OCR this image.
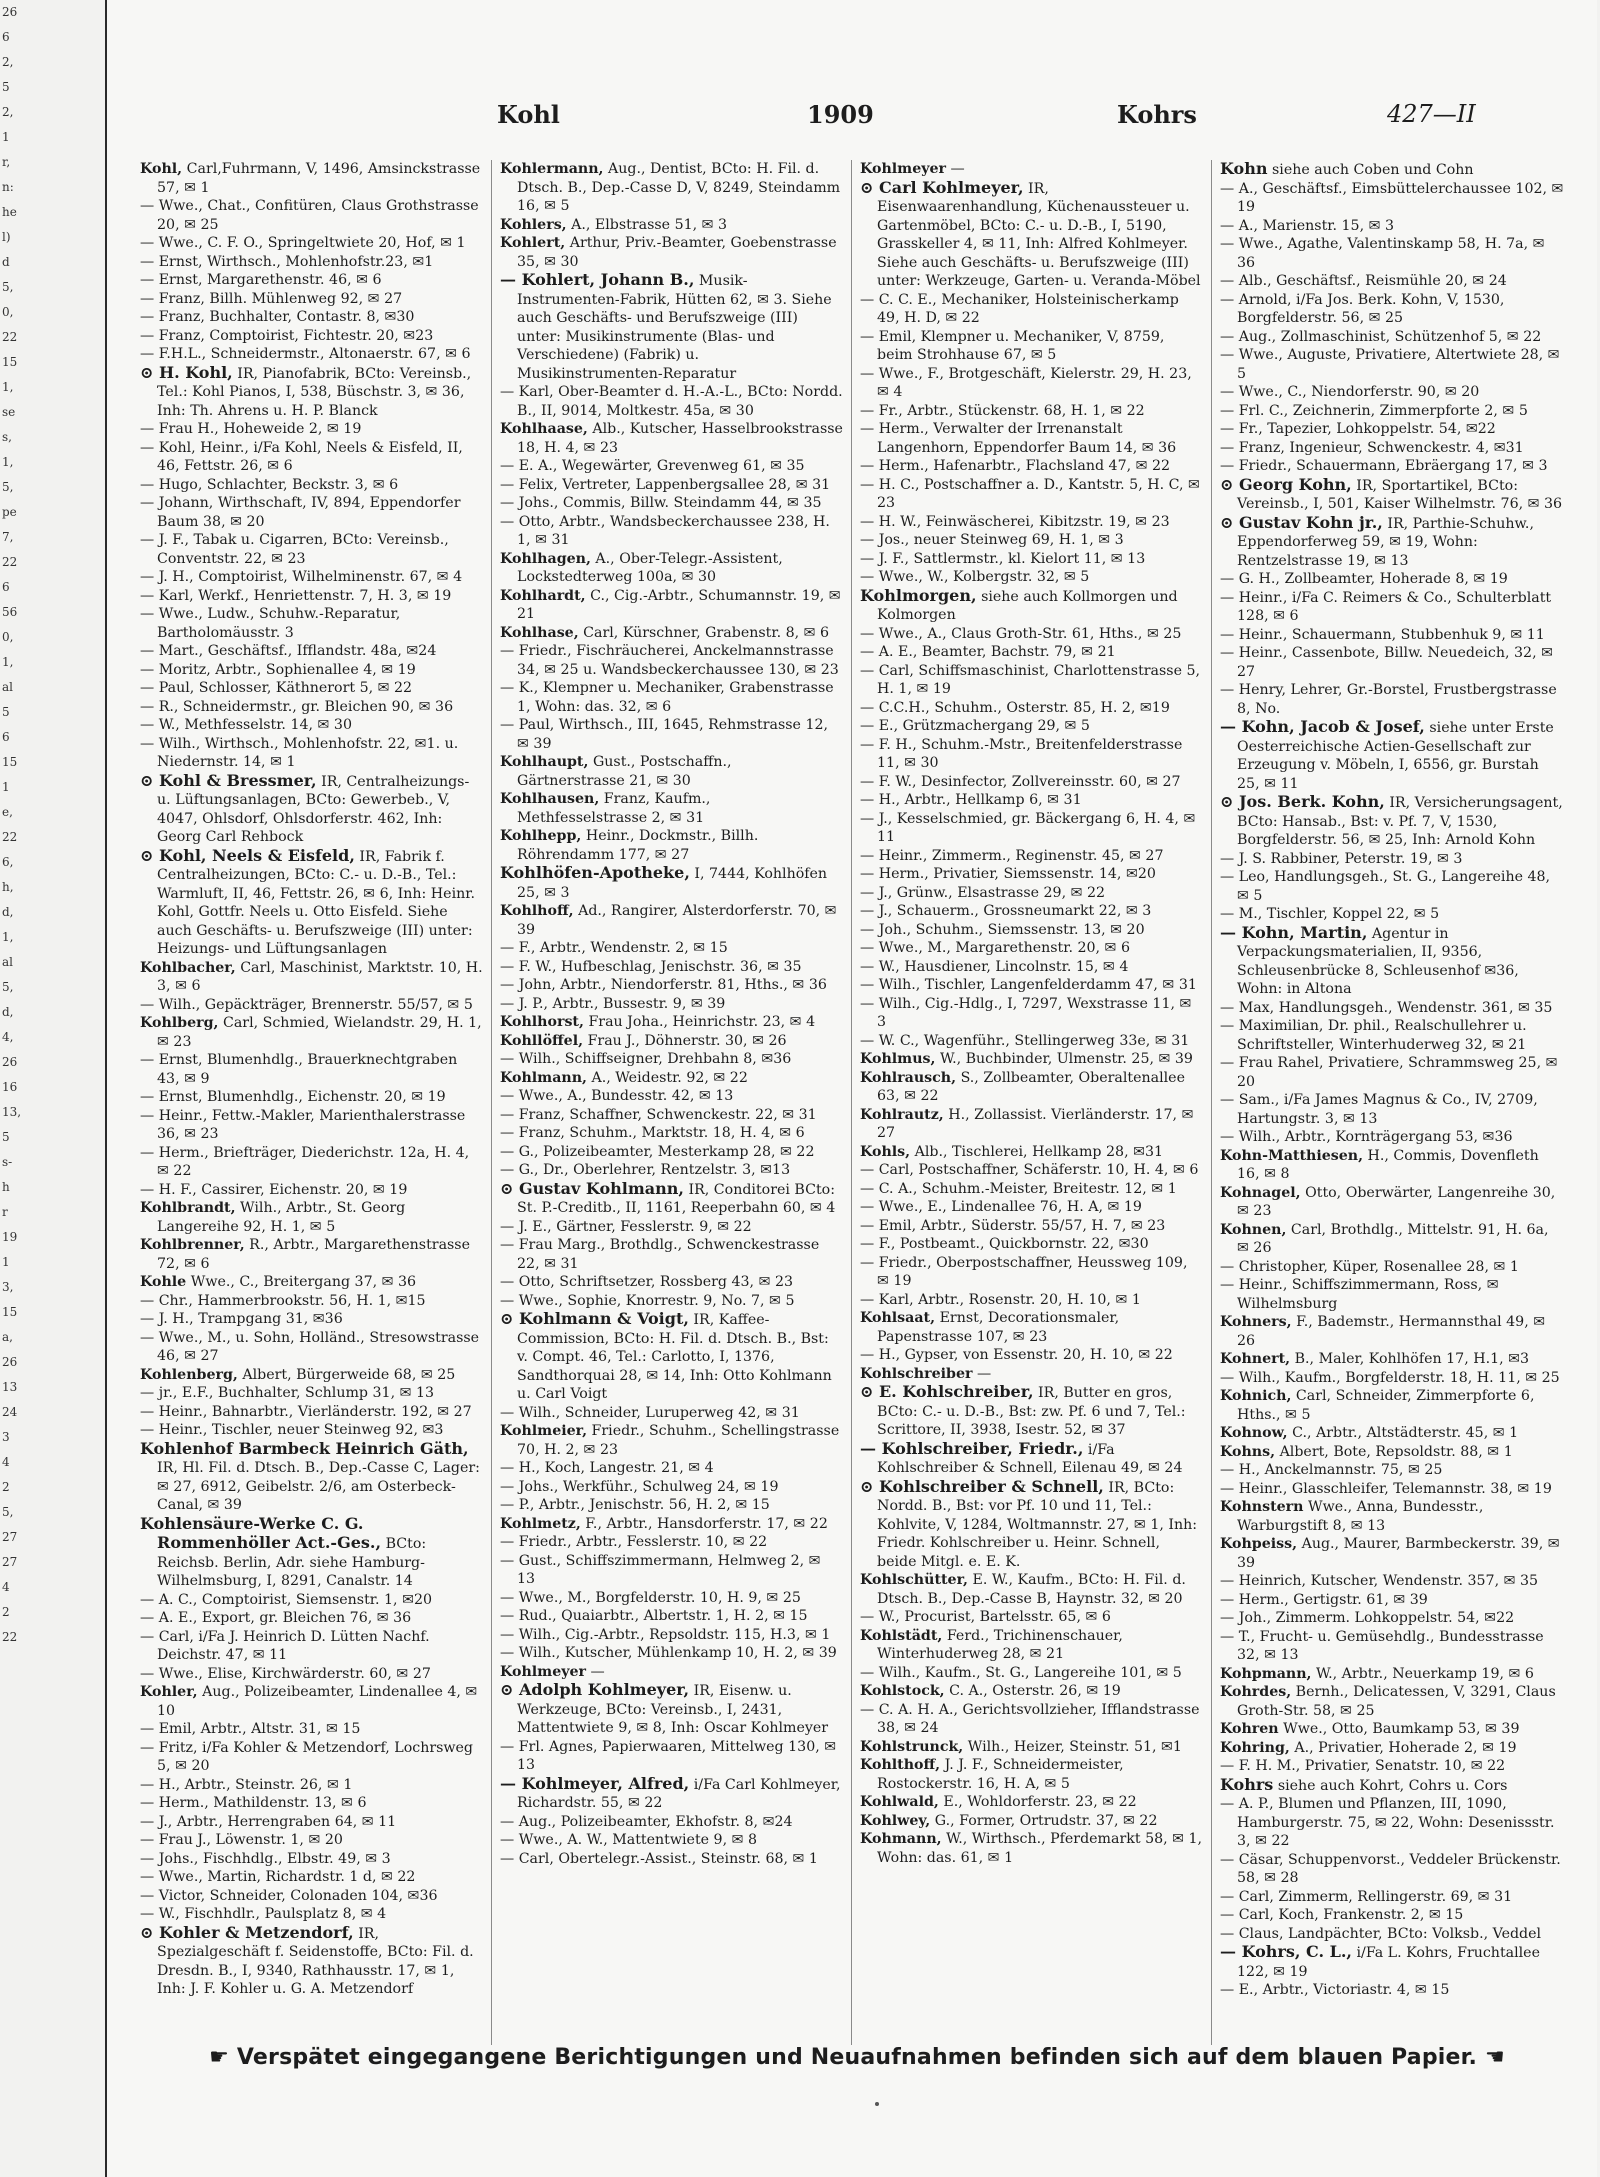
26
6
2,
5
2,
1
r,
n:
he
l)
d
5,
0,
22
15
1,
se
s,
1,
5,
pe
7,
22
6
56
0,
1,
al
5
6
15
1
e,
22
6,
h,
d,
1,
al
5,
d,
4,
26
16
13,
5
s-
h
r
19
1
3,
15
a,
26
13
24
3
4
2
5,
27
27
4
2
22
Kohl	1909	Kohrs	427—II
Kohl, Carl,Fuhrmann, V, 1496, Amsinckstrasse 57, ✉ 1
— Wwe., Chat., Confitüren, Claus Grothstrasse 20, ✉ 25
— Wwe., C. F. O., Springeltwiete 20, Hof, ✉ 1
— Ernst, Wirthsch., Mohlenhofstr.23, ✉1
— Ernst, Margarethenstr. 46, ✉ 6
— Franz, Billh. Mühlenweg 92, ✉ 27
— Franz, Buchhalter, Contastr. 8, ✉30
— Franz, Comptoirist, Fichtestr. 20, ✉23
— F.H.L., Schneidermstr., Altonaerstr. 67, ✉ 6
⊙ H. Kohl, IR, Pianofabrik, BCto: Vereinsb., Tel.: Kohl Pianos, I, 538, Büschstr. 3, ✉ 36, Inh: Th. Ahrens u. H. P. Blanck
— Frau H., Hoheweide 2, ✉ 19
— Kohl, Heinr., i/Fa Kohl, Neels & Eisfeld, II, 46, Fettstr. 26, ✉ 6
— Hugo, Schlachter, Beckstr. 3, ✉ 6
— Johann, Wirthschaft, IV, 894, Eppendorfer Baum 38, ✉ 20
— J. F., Tabak u. Cigarren, BCto: Vereinsb., Conventstr. 22, ✉ 23
— J. H., Comptoirist, Wilhelminenstr. 67, ✉ 4
— Karl, Werkf., Henriettenstr. 7, H. 3, ✉ 19
— Wwe., Ludw., Schuhw.-Reparatur, Bartholomäusstr. 3
— Mart., Geschäftsf., Ifflandstr. 48a, ✉24
— Moritz, Arbtr., Sophienallee 4, ✉ 19
— Paul, Schlosser, Käthnerort 5, ✉ 22
— R., Schneidermstr., gr. Bleichen 90, ✉ 36
— W., Methfesselstr. 14, ✉ 30
— Wilh., Wirthsch., Mohlenhofstr. 22, ✉1. u. Niedernstr. 14, ✉ 1
⊙ Kohl & Bressmer, IR, Centralheizungs- u. Lüftungsanlagen, BCto: Gewerbeb., V, 4047, Ohlsdorf, Ohlsdorferstr. 462, Inh: Georg Carl Rehbock
⊙ Kohl, Neels & Eisfeld, IR, Fabrik f. Centralheizungen, BCto: C.- u. D.-B., Tel.: Warmluft, II, 46, Fettstr. 26, ✉ 6, Inh: Heinr. Kohl, Gottfr. Neels u. Otto Eisfeld. Siehe auch Geschäfts- u. Berufszweige (III) unter: Heizungs- und Lüftungsanlagen
Kohlbacher, Carl, Maschinist, Marktstr. 10, H. 3, ✉ 6
— Wilh., Gepäckträger, Brennerstr. 55/57, ✉ 5
Kohlberg, Carl, Schmied, Wielandstr. 29, H. 1, ✉ 23
— Ernst, Blumenhdlg., Brauerknechtgraben 43, ✉ 9
— Ernst, Blumenhdlg., Eichenstr. 20, ✉ 19
— Heinr., Fettw.-Makler, Marienthalerstrasse 36, ✉ 23
— Herm., Briefträger, Diederichstr. 12a, H. 4, ✉ 22
— H. F., Cassirer, Eichenstr. 20, ✉ 19
Kohlbrandt, Wilh., Arbtr., St. Georg Langereihe 92, H. 1, ✉ 5
Kohlbrenner, R., Arbtr., Margarethenstrasse 72, ✉ 6
Kohle Wwe., C., Breitergang 37, ✉ 36
— Chr., Hammerbrookstr. 56, H. 1, ✉15
— J. H., Trampgang 31, ✉36
— Wwe., M., u. Sohn, Holländ., Stresowstrasse 46, ✉ 27
Kohlenberg, Albert, Bürgerweide 68, ✉ 25
— jr., E.F., Buchhalter, Schlump 31, ✉ 13
— Heinr., Bahnarbtr., Vierländerstr. 192, ✉ 27
— Heinr., Tischler, neuer Steinweg 92, ✉3
Kohlenhof Barmbeck Heinrich Gäth, IR, Hl. Fil. d. Dtsch. B., Dep.-Casse C, Lager: ✉ 27, 6912, Geibelstr. 2/6, am Osterbeck-Canal, ✉ 39
Kohlensäure-Werke C. G. Rommenhöller Act.-Ges., BCto: Reichsb. Berlin, Adr. siehe Hamburg-Wilhelmsburg, I, 8291, Canalstr. 14
— A. C., Comptoirist, Siemsenstr. 1, ✉20
— A. E., Export, gr. Bleichen 76, ✉ 36
— Carl, i/Fa J. Heinrich D. Lütten Nachf. Deichstr. 47, ✉ 11
— Wwe., Elise, Kirchwärderstr. 60, ✉ 27
Kohler, Aug., Polizeibeamter, Lindenallee 4, ✉ 10
— Emil, Arbtr., Altstr. 31, ✉ 15
— Fritz, i/Fa Kohler & Metzendorf, Lochrsweg 5, ✉ 20
— H., Arbtr., Steinstr. 26, ✉ 1
— Herm., Mathildenstr. 13, ✉ 6
— J., Arbtr., Herrengraben 64, ✉ 11
— Frau J., Löwenstr. 1, ✉ 20
— Johs., Fischhdlg., Elbstr. 49, ✉ 3
— Wwe., Martin, Richardstr. 1 d, ✉ 22
— Victor, Schneider, Colonaden 104, ✉36
— W., Fischhdlr., Paulsplatz 8, ✉ 4
⊙ Kohler & Metzendorf, IR, Spezialgeschäft f. Seidenstoffe, BCto: Fil. d. Dresdn. B., I, 9340, Rathhausstr. 17, ✉ 1, Inh: J. F. Kohler u. G. A. Metzendorf
Kohlermann, Aug., Dentist, BCto: H. Fil. d. Dtsch. B., Dep.-Casse D, V, 8249, Steindamm 16, ✉ 5
Kohlers, A., Elbstrasse 51, ✉ 3
Kohlert, Arthur, Priv.-Beamter, Goebenstrasse 35, ✉ 30
— Kohlert, Johann B., Musik-Instrumenten-Fabrik, Hütten 62, ✉ 3. Siehe auch Geschäfts- und Berufszweige (III) unter: Musikinstrumente (Blas- und Verschiedene) (Fabrik) u. Musikinstrumenten-Reparatur
— Karl, Ober-Beamter d. H.-A.-L., BCto: Nordd. B., II, 9014, Moltkestr. 45a, ✉ 30
Kohlhaase, Alb., Kutscher, Hasselbrookstrasse 18, H. 4, ✉ 23
— E. A., Wegewärter, Grevenweg 61, ✉ 35
— Felix, Vertreter, Lappenbergsallee 28, ✉ 31
— Johs., Commis, Billw. Steindamm 44, ✉ 35
— Otto, Arbtr., Wandsbeckerchaussee 238, H. 1, ✉ 31
Kohlhagen, A., Ober-Telegr.-Assistent, Lockstedterweg 100a, ✉ 30
Kohlhardt, C., Cig.-Arbtr., Schumannstr. 19, ✉ 21
Kohlhase, Carl, Kürschner, Grabenstr. 8, ✉ 6
— Friedr., Fischräucherei, Anckelmannstrasse 34, ✉ 25 u. Wandsbeckerchaussee 130, ✉ 23
— K., Klempner u. Mechaniker, Grabenstrasse 1, Wohn: das. 32, ✉ 6
— Paul, Wirthsch., III, 1645, Rehmstrasse 12, ✉ 39
Kohlhaupt, Gust., Postschaffn., Gärtnerstrasse 21, ✉ 30
Kohlhausen, Franz, Kaufm., Methfesselstrasse 2, ✉ 31
Kohlhepp, Heinr., Dockmstr., Billh. Röhrendamm 177, ✉ 27
Kohlhöfen-Apotheke, I, 7444, Kohlhöfen 25, ✉ 3
Kohlhoff, Ad., Rangirer, Alsterdorferstr. 70, ✉ 39
— F., Arbtr., Wendenstr. 2, ✉ 15
— F. W., Hufbeschlag, Jenischstr. 36, ✉ 35
— John, Arbtr., Niendorferstr. 81, Hths., ✉ 36
— J. P., Arbtr., Bussestr. 9, ✉ 39
Kohlhorst, Frau Joha., Heinrichstr. 23, ✉ 4
Kohllöffel, Frau J., Döhnerstr. 30, ✉ 26
— Wilh., Schiffseigner, Drehbahn 8, ✉36
Kohlmann, A., Weidestr. 92, ✉ 22
— Wwe., A., Bundesstr. 42, ✉ 13
— Franz, Schaffner, Schwenckestr. 22, ✉ 31
— Franz, Schuhm., Marktstr. 18, H. 4, ✉ 6
— G., Polizeibeamter, Mesterkamp 28, ✉ 22
— G., Dr., Oberlehrer, Rentzelstr. 3, ✉13
⊙ Gustav Kohlmann, IR, Conditorei BCto: St. P.-Creditb., II, 1161, Reeperbahn 60, ✉ 4
— J. E., Gärtner, Fesslerstr. 9, ✉ 22
— Frau Marg., Brothdlg., Schwenckestrasse 22, ✉ 31
— Otto, Schriftsetzer, Rossberg 43, ✉ 23
— Wwe., Sophie, Knorrestr. 9, No. 7, ✉ 5
⊙ Kohlmann & Voigt, IR, Kaffee-Commission, BCto: H. Fil. d. Dtsch. B., Bst: v. Compt. 46, Tel.: Carlotto, I, 1376, Sandthorquai 28, ✉ 14, Inh: Otto Kohlmann u. Carl Voigt
— Wilh., Schneider, Luruperweg 42, ✉ 31
Kohlmeier, Friedr., Schuhm., Schellingstrasse 70, H. 2, ✉ 23
— H., Koch, Langestr. 21, ✉ 4
— Johs., Werkführ., Schulweg 24, ✉ 19
— P., Arbtr., Jenischstr. 56, H. 2, ✉ 15
Kohlmetz, F., Arbtr., Hansdorferstr. 17, ✉ 22
— Friedr., Arbtr., Fesslerstr. 10, ✉ 22
— Gust., Schiffszimmermann, Helmweg 2, ✉ 13
— Wwe., M., Borgfelderstr. 10, H. 9, ✉ 25
— Rud., Quaiarbtr., Albertstr. 1, H. 2, ✉ 15
— Wilh., Cig.-Arbtr., Repsoldstr. 115, H.3, ✉ 1
— Wilh., Kutscher, Mühlenkamp 10, H. 2, ✉ 39
Kohlmeyer —
⊙ Adolph Kohlmeyer, IR, Eisenw. u. Werkzeuge, BCto: Vereinsb., I, 2431, Mattentwiete 9, ✉ 8, Inh: Oscar Kohlmeyer
— Frl. Agnes, Papierwaaren, Mittelweg 130, ✉ 13
— Kohlmeyer, Alfred, i/Fa Carl Kohlmeyer, Richardstr. 55, ✉ 22
— Aug., Polizeibeamter, Ekhofstr. 8, ✉24
— Wwe., A. W., Mattentwiete 9, ✉ 8
— Carl, Obertelegr.-Assist., Steinstr. 68, ✉ 1
Kohlmeyer —
⊙ Carl Kohlmeyer, IR, Eisenwaarenhandlung, Küchenaussteuer u. Gartenmöbel, BCto: C.- u. D.-B., I, 5190, Grasskeller 4, ✉ 11, Inh: Alfred Kohlmeyer. Siehe auch Geschäfts- u. Berufszweige (III) unter: Werkzeuge, Garten- u. Veranda-Möbel
— C. C. E., Mechaniker, Holsteinischerkamp 49, H. D, ✉ 22
— Emil, Klempner u. Mechaniker, V, 8759, beim Strohhause 67, ✉ 5
— Wwe., F., Brotgeschäft, Kielerstr. 29, H. 23, ✉ 4
— Fr., Arbtr., Stückenstr. 68, H. 1, ✉ 22
— Herm., Verwalter der Irrenanstalt Langenhorn, Eppendorfer Baum 14, ✉ 36
— Herm., Hafenarbtr., Flachsland 47, ✉ 22
— H. C., Postschaffner a. D., Kantstr. 5, H. C, ✉ 23
— H. W., Feinwäscherei, Kibitzstr. 19, ✉ 23
— Jos., neuer Steinweg 69, H. 1, ✉ 3
— J. F., Sattlermstr., kl. Kielort 11, ✉ 13
— Wwe., W., Kolbergstr. 32, ✉ 5
Kohlmorgen, siehe auch Kollmorgen und Kolmorgen
— Wwe., A., Claus Groth-Str. 61, Hths., ✉ 25
— A. E., Beamter, Bachstr. 79, ✉ 21
— Carl, Schiffsmaschinist, Charlottenstrasse 5, H. 1, ✉ 19
— C.C.H., Schuhm., Osterstr. 85, H. 2, ✉19
— E., Grützmachergang 29, ✉ 5
— F. H., Schuhm.-Mstr., Breitenfelderstrasse 11, ✉ 30
— F. W., Desinfector, Zollvereinsstr. 60, ✉ 27
— H., Arbtr., Hellkamp 6, ✉ 31
— J., Kesselschmied, gr. Bäckergang 6, H. 4, ✉ 11
— Heinr., Zimmerm., Reginenstr. 45, ✉ 27
— Herm., Privatier, Siemssenstr. 14, ✉20
— J., Grünw., Elsastrasse 29, ✉ 22
— J., Schauerm., Grossneumarkt 22, ✉ 3
— Joh., Schuhm., Siemssenstr. 13, ✉ 20
— Wwe., M., Margarethenstr. 20, ✉ 6
— W., Hausdiener, Lincolnstr. 15, ✉ 4
— Wilh., Tischler, Langenfelderdamm 47, ✉ 31
— Wilh., Cig.-Hdlg., I, 7297, Wexstrasse 11, ✉ 3
— W. C., Wagenführ., Stellingerweg 33e, ✉ 31
Kohlmus, W., Buchbinder, Ulmenstr. 25, ✉ 39
Kohlrausch, S., Zollbeamter, Oberaltenallee 63, ✉ 22
Kohlrautz, H., Zollassist. Vierländerstr. 17, ✉ 27
Kohls, Alb., Tischlerei, Hellkamp 28, ✉31
— Carl, Postschaffner, Schäferstr. 10, H. 4, ✉ 6
— C. A., Schuhm.-Meister, Breitestr. 12, ✉ 1
— Wwe., E., Lindenallee 76, H. A, ✉ 19
— Emil, Arbtr., Süderstr. 55/57, H. 7, ✉ 23
— F., Postbeamt., Quickbornstr. 22, ✉30
— Friedr., Oberpostschaffner, Heussweg 109, ✉ 19
— Karl, Arbtr., Rosenstr. 20, H. 10, ✉ 1
Kohlsaat, Ernst, Decorationsmaler, Papenstrasse 107, ✉ 23
— H., Gypser, von Essenstr. 20, H. 10, ✉ 22
Kohlschreiber —
⊙ E. Kohlschreiber, IR, Butter en gros, BCto: C.- u. D.-B., Bst: zw. Pf. 6 und 7, Tel.: Scrittore, II, 3938, Isestr. 52, ✉ 37
— Kohlschreiber, Friedr., i/Fa Kohlschreiber & Schnell, Eilenau 49, ✉ 24
⊙ Kohlschreiber & Schnell, IR, BCto: Nordd. B., Bst: vor Pf. 10 und 11, Tel.: Kohlvite, V, 1284, Woltmannstr. 27, ✉ 1, Inh: Friedr. Kohlschreiber u. Heinr. Schnell, beide Mitgl. e. E. K.
Kohlschütter, E. W., Kaufm., BCto: H. Fil. d. Dtsch. B., Dep.-Casse B, Haynstr. 32, ✉ 20
— W., Procurist, Bartelsstr. 65, ✉ 6
Kohlstädt, Ferd., Trichinenschauer, Winterhuderweg 28, ✉ 21
— Wilh., Kaufm., St. G., Langereihe 101, ✉ 5
Kohlstock, C. A., Osterstr. 26, ✉ 19
— C. A. H. A., Gerichtsvollzieher, Ifflandstrasse 38, ✉ 24
Kohlstrunck, Wilh., Heizer, Steinstr. 51, ✉1
Kohlthoff, J. J. F., Schneidermeister, Rostockerstr. 16, H. A, ✉ 5
Kohlwald, E., Wohldorferstr. 23, ✉ 22
Kohlwey, G., Former, Ortrudstr. 37, ✉ 22
Kohmann, W., Wirthsch., Pferdemarkt 58, ✉ 1, Wohn: das. 61, ✉ 1
Kohn siehe auch Coben und Cohn
— A., Geschäftsf., Eimsbüttelerchaussee 102, ✉ 19
— A., Marienstr. 15, ✉ 3
— Wwe., Agathe, Valentinskamp 58, H. 7a, ✉ 36
— Alb., Geschäftsf., Reismühle 20, ✉ 24
— Arnold, i/Fa Jos. Berk. Kohn, V, 1530, Borgfelderstr. 56, ✉ 25
— Aug., Zollmaschinist, Schützenhof 5, ✉ 22
— Wwe., Auguste, Privatiere, Altertwiete 28, ✉ 5
— Wwe., C., Niendorferstr. 90, ✉ 20
— Frl. C., Zeichnerin, Zimmerpforte 2, ✉ 5
— Fr., Tapezier, Lohkoppelstr. 54, ✉22
— Franz, Ingenieur, Schwenckestr. 4, ✉31
— Friedr., Schauermann, Ebräergang 17, ✉ 3
⊙ Georg Kohn, IR, Sportartikel, BCto: Vereinsb., I, 501, Kaiser Wilhelmstr. 76, ✉ 36
⊙ Gustav Kohn jr., IR, Parthie-Schuhw., Eppendorferweg 59, ✉ 19, Wohn: Rentzelstrasse 19, ✉ 13
— G. H., Zollbeamter, Hoherade 8, ✉ 19
— Heinr., i/Fa C. Reimers & Co., Schulterblatt 128, ✉ 6
— Heinr., Schauermann, Stubbenhuk 9, ✉ 11
— Heinr., Cassenbote, Billw. Neuedeich, 32, ✉ 27
— Henry, Lehrer, Gr.-Borstel, Frustbergstrasse 8, No.
— Kohn, Jacob & Josef, siehe unter Erste Oesterreichische Actien-Gesellschaft zur Erzeugung v. Möbeln, I, 6556, gr. Burstah 25, ✉ 11
⊙ Jos. Berk. Kohn, IR, Versicherungsagent, BCto: Hansab., Bst: v. Pf. 7, V, 1530, Borgfelderstr. 56, ✉ 25, Inh: Arnold Kohn
— J. S. Rabbiner, Peterstr. 19, ✉ 3
— Leo, Handlungsgeh., St. G., Langereihe 48, ✉ 5
— M., Tischler, Koppel 22, ✉ 5
— Kohn, Martin, Agentur in Verpackungsmaterialien, II, 9356, Schleusenbrücke 8, Schleusenhof ✉36, Wohn: in Altona
— Max, Handlungsgeh., Wendenstr. 361, ✉ 35
— Maximilian, Dr. phil., Realschullehrer u. Schriftsteller, Winterhuderweg 32, ✉ 21
— Frau Rahel, Privatiere, Schrammsweg 25, ✉ 20
— Sam., i/Fa James Magnus & Co., IV, 2709, Hartungstr. 3, ✉ 13
— Wilh., Arbtr., Kornträgergang 53, ✉36
Kohn-Matthiesen, H., Commis, Dovenfleth 16, ✉ 8
Kohnagel, Otto, Oberwärter, Langenreihe 30, ✉ 23
Kohnen, Carl, Brothdlg., Mittelstr. 91, H. 6a, ✉ 26
— Christopher, Küper, Rosenallee 28, ✉ 1
— Heinr., Schiffszimmermann, Ross, ✉ Wilhelmsburg
Kohners, F., Bademstr., Hermannsthal 49, ✉ 26
Kohnert, B., Maler, Kohlhöfen 17, H.1, ✉3
— Wilh., Kaufm., Borgfelderstr. 18, H. 11, ✉ 25
Kohnich, Carl, Schneider, Zimmerpforte 6, Hths., ✉ 5
Kohnow, C., Arbtr., Altstädterstr. 45, ✉ 1
Kohns, Albert, Bote, Repsoldstr. 88, ✉ 1
— H., Anckelmannstr. 75, ✉ 25
— Heinr., Glasschleifer, Telemannstr. 38, ✉ 19
Kohnstern Wwe., Anna, Bundesstr., Warburgstift 8, ✉ 13
Kohpeiss, Aug., Maurer, Barmbeckerstr. 39, ✉ 39
— Heinrich, Kutscher, Wendenstr. 357, ✉ 35
— Herm., Gertigstr. 61, ✉ 39
— Joh., Zimmerm. Lohkoppelstr. 54, ✉22
— T., Frucht- u. Gemüsehdlg., Bundesstrasse 32, ✉ 13
Kohpmann, W., Arbtr., Neuerkamp 19, ✉ 6
Kohrdes, Bernh., Delicatessen, V, 3291, Claus Groth-Str. 58, ✉ 25
Kohren Wwe., Otto, Baumkamp 53, ✉ 39
Kohring, A., Privatier, Hoherade 2, ✉ 19
— F. H. M., Privatier, Senatstr. 10, ✉ 22
Kohrs siehe auch Kohrt, Cohrs u. Cors
— A. P., Blumen und Pflanzen, III, 1090, Hamburgerstr. 75, ✉ 22, Wohn: Desenissstr. 3, ✉ 22
— Cäsar, Schuppenvorst., Veddeler Brückenstr. 58, ✉ 28
— Carl, Zimmerm, Rellingerstr. 69, ✉ 31
— Carl, Koch, Frankenstr. 2, ✉ 15
— Claus, Landpächter, BCto: Volksb., Veddel
— Kohrs, C. L., i/Fa L. Kohrs, Fruchtallee 122, ✉ 19
— E., Arbtr., Victoriastr. 4, ✉ 15
☛ Verspätet eingegangene Berichtigungen und Neuaufnahmen befinden sich auf dem blauen Papier. ☚
